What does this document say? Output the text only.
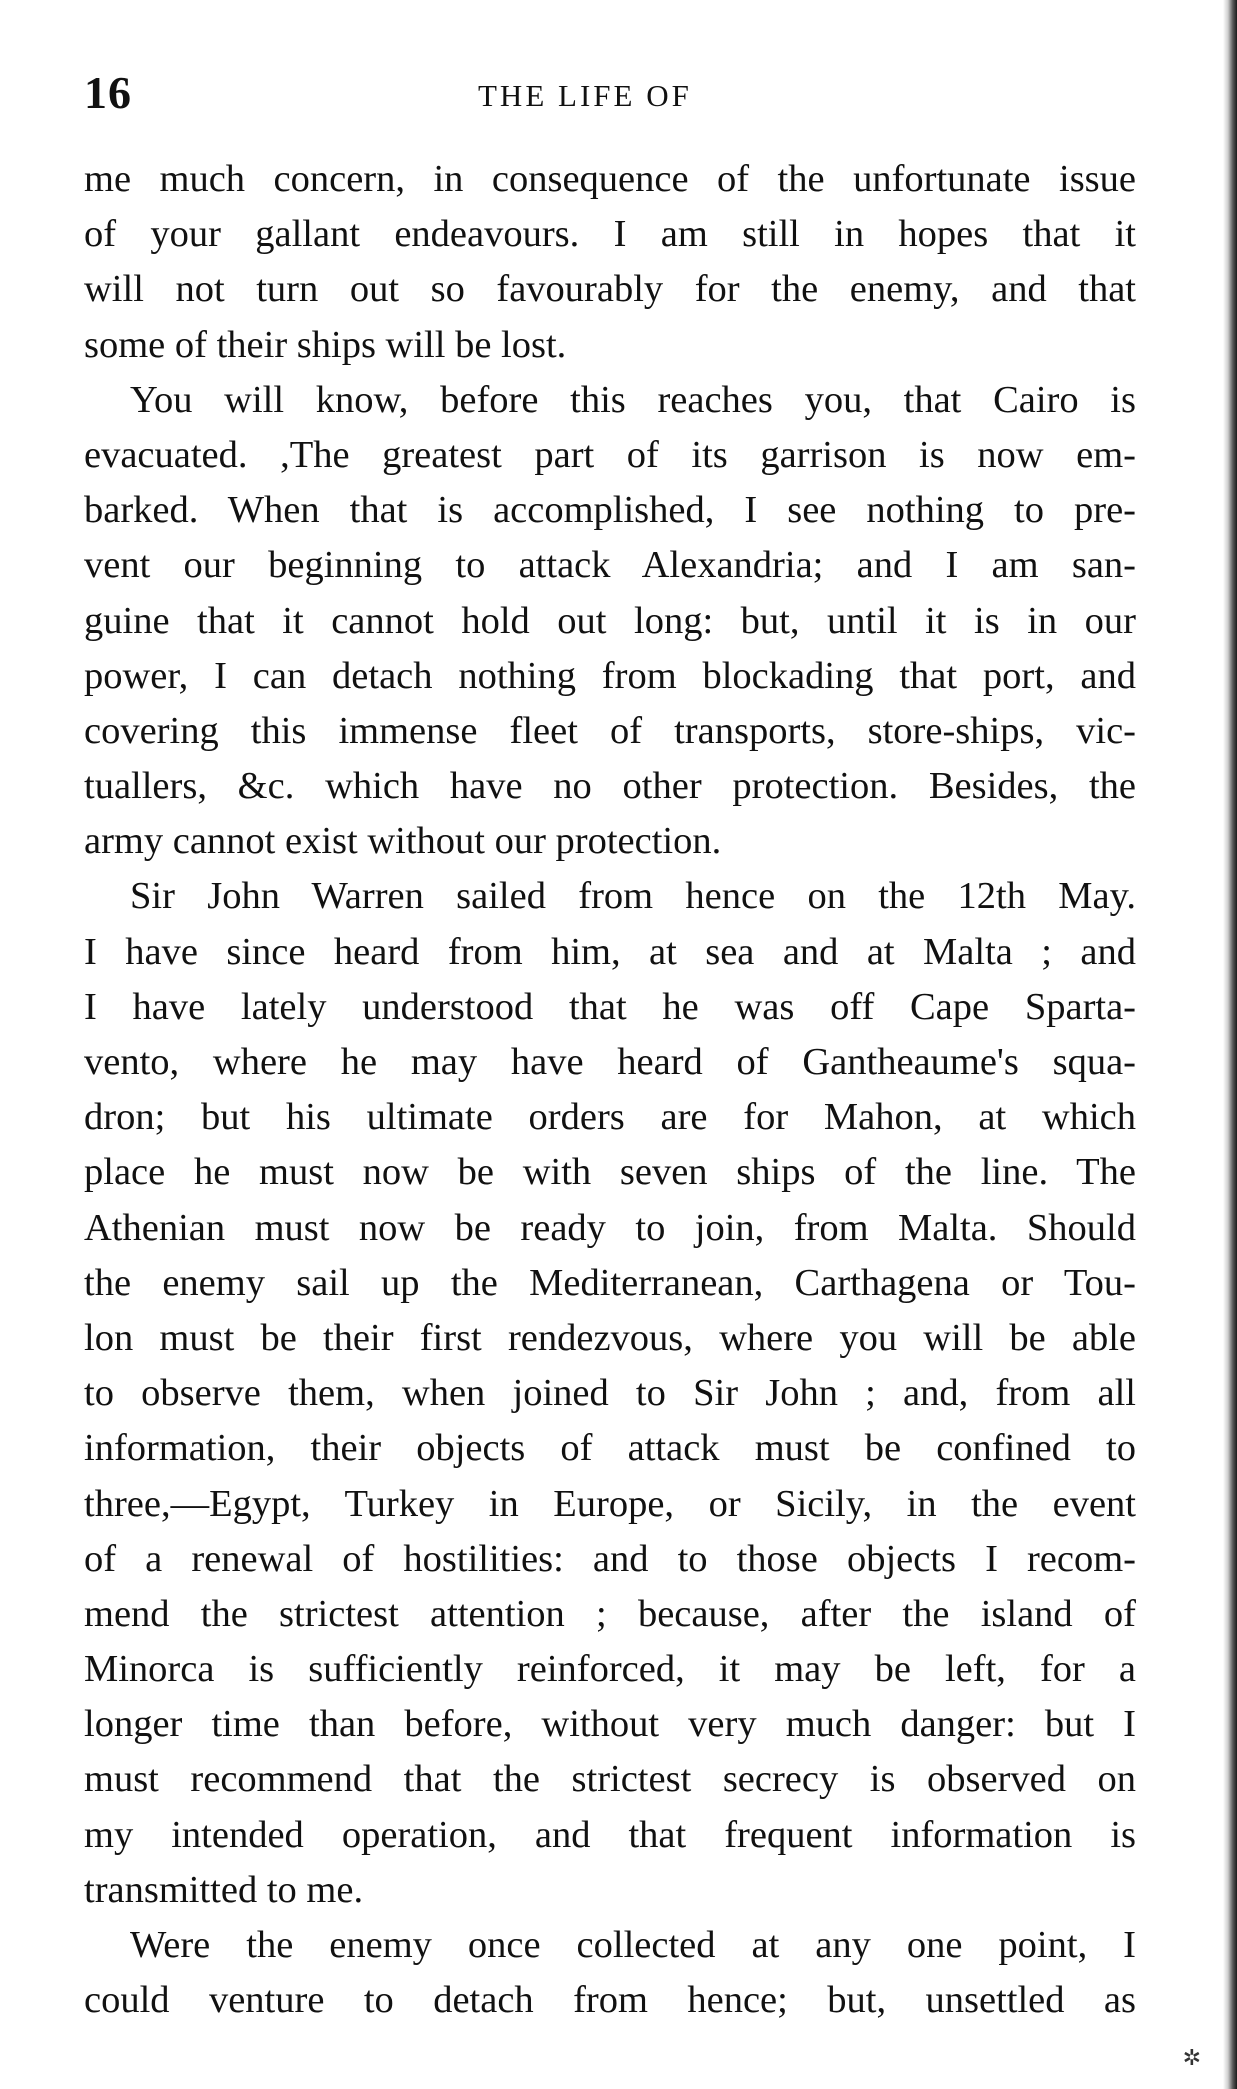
16	THE LIFE OF
me much concern, in consequence of the unfortunate issue
of your gallant endeavours. I am still in hopes that it
will not turn out so favourably for the enemy, and that
some of their ships will be lost.
You will know, before this reaches you, that Cairo is
evacuated. ,The greatest part of its garrison is now em-
barked. When that is accomplished, I see nothing to pre-
vent our beginning to attack Alexandria; and I am san-
guine that it cannot hold out long: but, until it is in our
power, I can detach nothing from blockading that port, and
covering this immense fleet of transports, store-ships, vic-
tuallers, &c. which have no other protection. Besides, the
army cannot exist without our protection.
Sir John Warren sailed from hence on the 12th May.
I have since heard from him, at sea and at Malta ; and
I have lately understood that he was off Cape Sparta-
vento, where he may have heard of Gantheaume's squa-
dron; but his ultimate orders are for Mahon, at which
place he must now be with seven ships of the line. The
Athenian must now be ready to join, from Malta. Should
the enemy sail up the Mediterranean, Carthagena or Tou-
lon must be their first rendezvous, where you will be able
to observe them, when joined to Sir John ; and, from all
information, their objects of attack must be confined to
three,—Egypt, Turkey in Europe, or Sicily, in the event
of a renewal of hostilities: and to those objects I recom-
mend the strictest attention ; because, after the island of
Minorca is sufficiently reinforced, it may be left, for a
longer time than before, without very much danger: but I
must recommend that the strictest secrecy is observed on
my intended operation, and that frequent information is
transmitted to me.
Were the enemy once collected at any one point, I
could venture to detach from hence; but, unsettled as
✲
